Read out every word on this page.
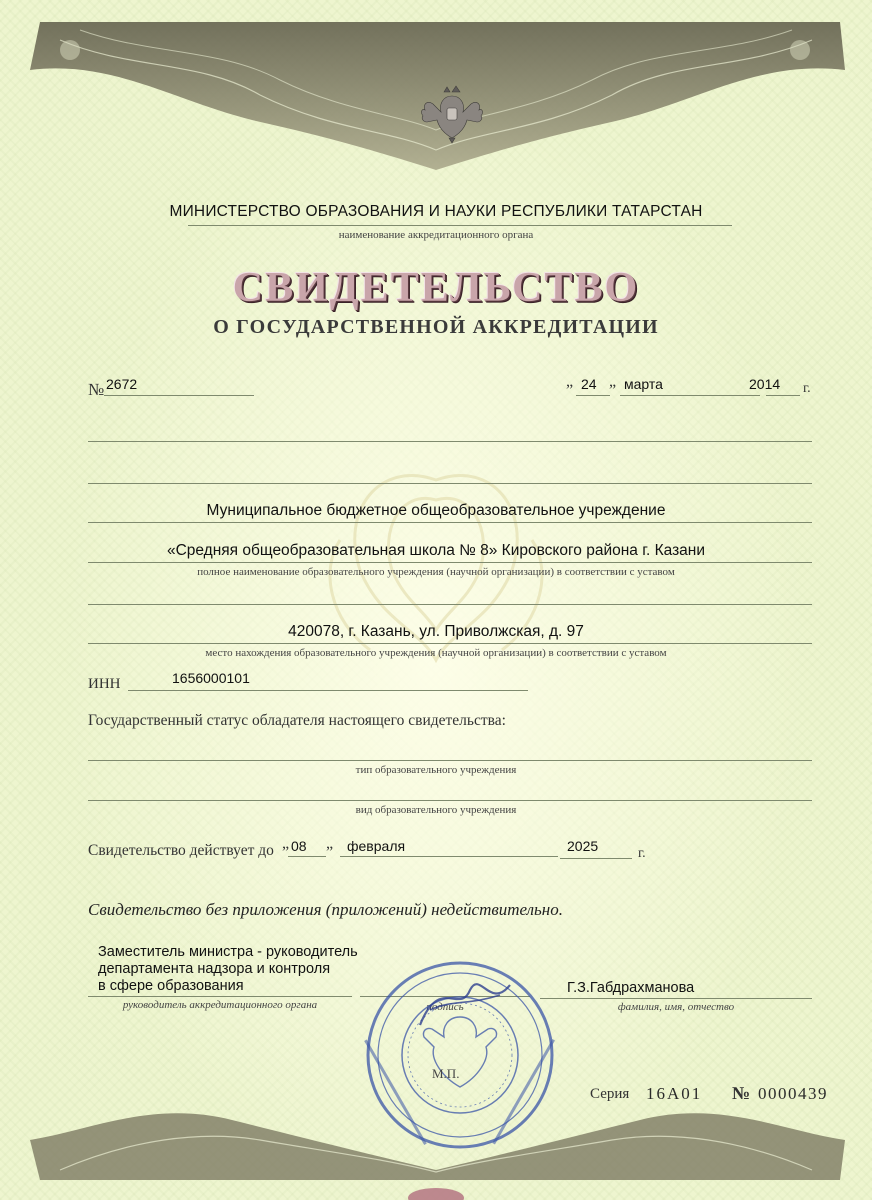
МИНИСТЕРСТВО ОБРАЗОВАНИЯ И НАУКИ РЕСПУБЛИКИ ТАТАРСТАН
наименование аккредитационного органа
СВИДЕТЕЛЬСТВО
О ГОСУДАРСТВЕННОЙ АККРЕДИТАЦИИ
№ 2672	„ 24 „ марта	2014 г.
Муниципальное бюджетное общеобразовательное учреждение
«Средняя общеобразовательная школа № 8» Кировского района г. Казани
полное наименование образовательного учреждения (научной организации) в соответствии с уставом
420078, г. Казань, ул. Приволжская, д. 97
место нахождения образовательного учреждения (научной организации) в соответствии с уставом
ИНН	1656000101
Государственный статус обладателя настоящего свидетельства:
тип образовательного учреждения
вид образовательного учреждения
Свидетельство действует до „ 08 „ февраля	2025	г.
Свидетельство без приложения (приложений) недействительно.
Заместитель министра - руководитель
департамента надзора и контроля
в сфере образования
руководитель аккредитационного органа	подпись
Г.З.Габдрахманова
фамилия, имя, отчество
М.П.
Серия 16А01 № 0000439
